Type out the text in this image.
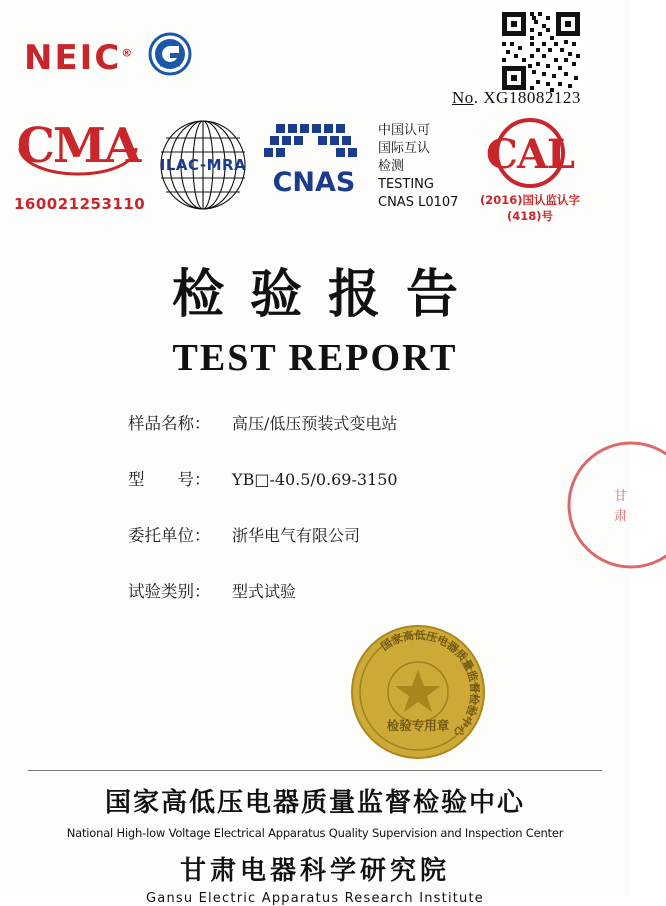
NEIC®
No. XG18082123
CMA
160021253110
ILAC-MRA
CNAS
中国认可
国际互认
检测
TESTING
CNAS L0107
CAL
(2016)国认监认字(418)号
检验报告
TEST REPORT
样品名称：	高压/低压预装式变电站
型　　号：	YB□-40.5/0.69-3150
委托单位：	浙华电气有限公司
试验类别：	型式试验
国家高低压电器质量监督检验中心
检验专用章
甘
肃
国家高低压电器质量监督检验中心
National High-low Voltage Electrical Apparatus Quality Supervision and Inspection Center
甘肃电器科学研究院
Gansu Electric Apparatus Research Institute
